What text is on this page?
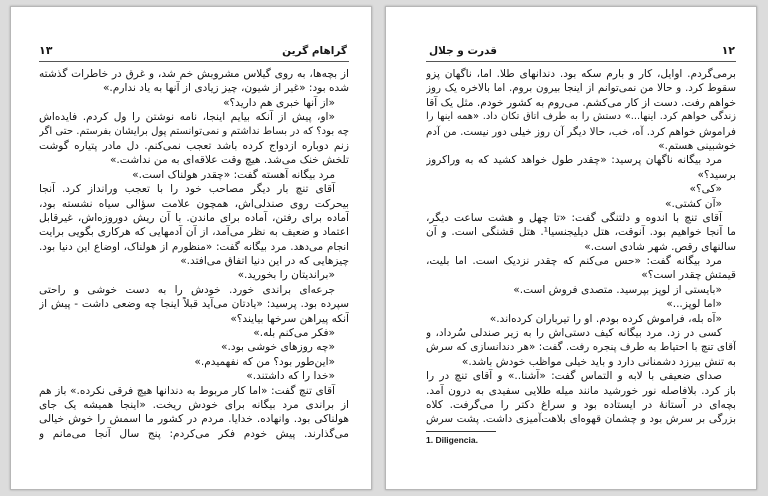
۱۳	گراهام گرین
از بچه‌ها، به روی گیلاس مشروبش خم شد، و غرق در خاطرات گذشته
شده بود: «غیر از شیون، چیز زیادی از آنها به یاد ندارم.»
«از آنها خبری هم دارید؟»
«او، پیش از آنکه بیایم اینجا، نامه نوشتن را ول کردم. فایده‌اش
چه بود؟ که در بساط نداشتم و نمی‌توانستم پول برایشان بفرستم. حتی اگر
زنم دوباره ازدواج کرده باشد تعجب نمی‌کنم. دل مادر پتیاره گوشت
تلخش خنک می‌شد. هیچ وقت علاقه‌ای به من نداشت.»
مرد بیگانه آهسته گفت: «چقدر هولناک است.»
آقای تنچ بار دیگر مصاحب خود را با تعجب ورانداز کرد. آنجا
بیحرکت روی صندلی‌اش، همچون علامت سؤالی سیاه نشسته بود،
آماده برای رفتن، آماده برای ماندن. با آن ریش دوروزه‌اش، غیرقابل
اعتماد و ضعیف به نظر می‌آمد، از آن آدمهایی که هرکاری بگویی برایت
انجام می‌دهد. مرد بیگانه گفت: «منظورم از هولناک، اوضاع این دنیا بود.
چیزهایی که در این دنیا اتفاق می‌افتد.»
«براندیتان را بخورید.»
جرعه‌ای براندی خورد. خودش را به دست خوشی و راحتی
سپرده بود. پرسید: «یادتان می‌آید قبلاً اینجا چه وضعی داشت - پیش از
آنکه پیراهن سرخها بیایند؟»
«فکر می‌کنم بله.»
«چه روزهای خوشی بود.»
«این‌طور بود؟ من که نفهمیدم.»
«خدا را که داشتند.»
آقای تنچ گفت: «اما کار مربوط به دندانها هیچ فرقی نکرده.» باز هم
از براندی مرد بیگانه برای خودش ریخت. «اینجا همیشه یک جای
هولناکی بود. وانهاده. خدایا. مردم در کشور ما اسمش را خوش خیالی
می‌گذارند. پیش خودم فکر می‌کردم: پنج سال آنجا می‌مانم و
قدرت و جلال	۱۲
برمی‌گردم. اوایل، کار و بارم سکه بود. دندانهای طلا. اما، ناگهان پزو
سقوط کرد. و حالا من نمی‌توانم از اینجا بیرون بروم. اما بالاخره یک روز
خواهم رفت. دست از کار می‌کشم. می‌روم به کشور خودم. مثل یک آقا
زندگی خواهم کرد. اینها...» دستش را به طرف اتاق تکان داد. «همه اینها را
فراموش خواهم کرد. آه، خب، حالا دیگر آن روز خیلی دور نیست. من آدم
خوشبینی هستم.»
مرد بیگانه ناگهان پرسید: «چقدر طول خواهد کشید که به وراکروز
برسید؟»
«کی؟»
«آن کشتی.»
آقای تنچ با اندوه و دلتنگی گفت: «تا چهل و هشت ساعت دیگر،
ما آنجا خواهیم بود. آنوقت، هتل دیلیجنسیا¹. هتل قشنگی است. و آن
سالنهای رقص. شهر شادی است.»
مرد بیگانه گفت: «حس می‌کنم که چقدر نزدیک است. اما بلیت،
قیمتش چقدر است؟»
«بایستی از لوپز بپرسید. متصدی فروش است.»
«اما لوپز...»
«آه بله، فراموش کرده بودم. او را تیرباران کرده‌اند.»
کسی در زد. مرد بیگانه کیف دستی‌اش را به زیر صندلی سُرداد، و
آقای تنچ با احتیاط به طرف پنجره رفت. گفت: «هر دندانسازی که سرش
به تنش بیرزد دشمنانی دارد و باید خیلی مواظب خودش باشد.»
صدای ضعیفی با لابه و التماس گفت: «آشنا..» و آقای تنچ در را
باز کرد. بلافاصله نور خورشید مانند میله طلایی سفیدی به درون آمد.
بچه‌ای در آستانهٔ در ایستاده بود و سراغ دکتر را می‌گرفت. کلاه
بزرگی بر سرش بود و چشمان قهوه‌ای بلاهت‌آمیزی داشت. پشت سرش
1. Diligencia.
